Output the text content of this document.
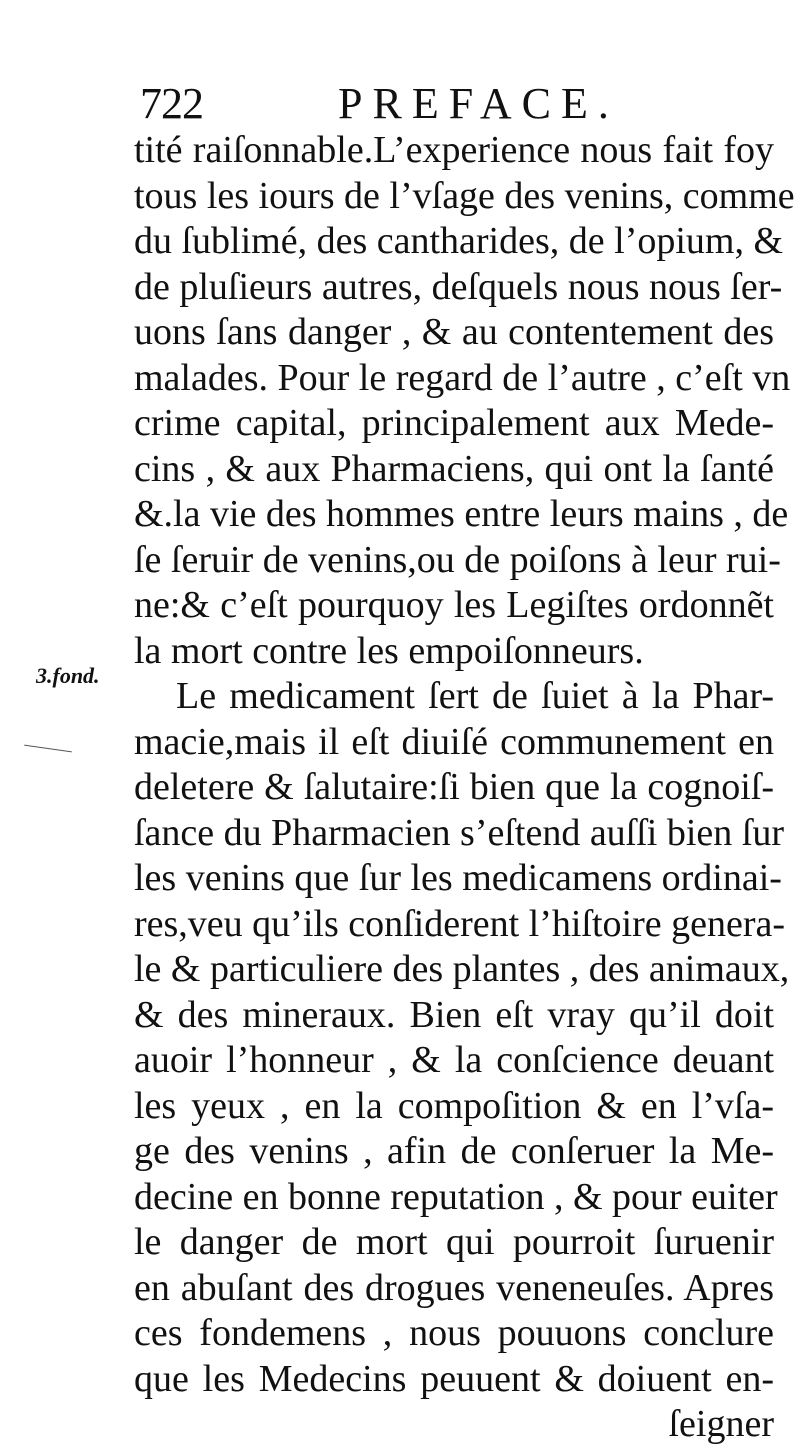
722	PREFACE.
3.fond.
tité raiſonnable.L’experience nous fait foy
tous les iours de l’vſage des venins, comme
du ſublimé, des cantharides, de l’opium, &
de pluſieurs autres, deſquels nous nous ſer-
uons ſans danger , & au contentement des
malades. Pour le regard de l’autre , c’eſt vn
crime capital, principalement aux Mede-
cins , & aux Pharmaciens, qui ont la ſanté
&.la vie des hommes entre leurs mains , de
ſe ſeruir de venins,ou de poiſons à leur rui-
ne:& c’eſt pourquoy les Legiſtes ordonnẽt
la mort contre les empoiſonneurs.
Le medicament ſert de ſuiet à la Phar-
macie,mais il eſt diuiſé communement en
deletere & ſalutaire:ſi bien que la cognoiſ-
ſance du Pharmacien s’eſtend auſſi bien ſur
les venins que ſur les medicamens ordinai-
res,veu qu’ils conſiderent l’hiſtoire genera-
le & particuliere des plantes , des animaux,
& des mineraux. Bien eſt vray qu’il doit
auoir l’honneur , & la conſcience deuant
les yeux , en la compoſition & en l’vſa-
ge des venins , afin de conſeruer la Me-
decine en bonne reputation , & pour euiter
le danger de mort qui pourroit ſuruenir
en abuſant des drogues veneneuſes. Apres
ces fondemens , nous pouuons conclure
que les Medecins peuuent & doiuent en-
ſeigner
